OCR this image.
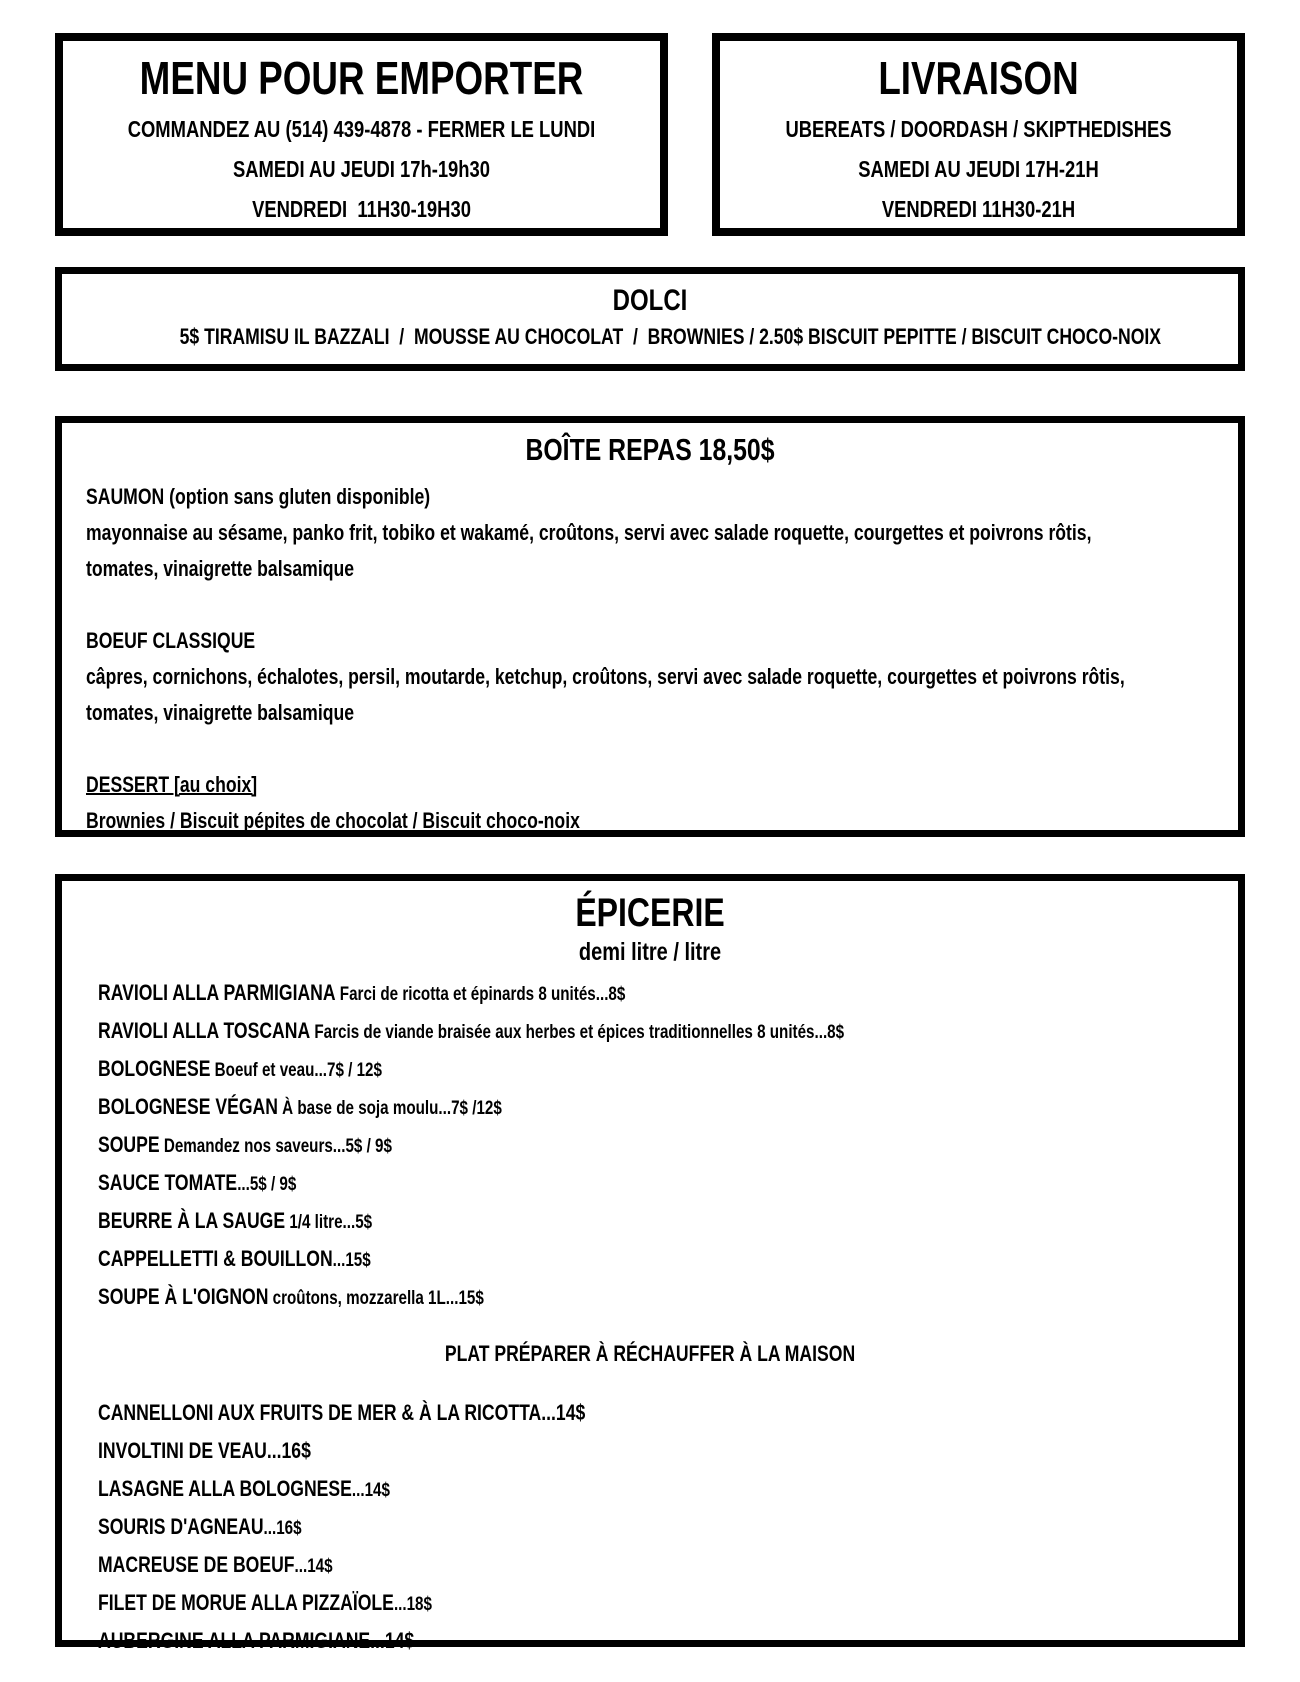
MENU POUR EMPORTER

COMMANDEZ AU (514) 439-4878 - FERMER LE LUNDI

SAMEDI AU JEUDI 17h-19h30

VENDREDI  11H30-19H30

LIVRAISON

UBEREATS / DOORDASH / SKIPTHEDISHES

SAMEDI AU JEUDI 17H-21H

VENDREDI 11H30-21H

DOLCI

5$ TIRAMISU IL BAZZALI  /  MOUSSE AU CHOCOLAT  /  BROWNIES / 2.50$ BISCUIT PEPITTE / BISCUIT CHOCO-NOIX

BOÎTE REPAS 18,50$

SAUMON (option sans gluten disponible)

mayonnaise au sésame, panko frit, tobiko et wakamé, croûtons, servi avec salade roquette, courgettes et poivrons rôtis,

tomates, vinaigrette balsamique

BOEUF CLASSIQUE

câpres, cornichons, échalotes, persil, moutarde, ketchup, croûtons, servi avec salade roquette, courgettes et poivrons rôtis,

tomates, vinaigrette balsamique

DESSERT [au choix]

Brownies / Biscuit pépites de chocolat / Biscuit choco-noix

ÉPICERIE

demi litre / litre

RAVIOLI ALLA PARMIGIANA Farci de ricotta et épinards 8 unités...8$

RAVIOLI ALLA TOSCANA Farcis de viande braisée aux herbes et épices traditionnelles 8 unités...8$

BOLOGNESE Boeuf et veau...7$ / 12$

BOLOGNESE VÉGAN À base de soja moulu...7$ /12$

SOUPE Demandez nos saveurs...5$ / 9$

SAUCE TOMATE...5$ / 9$

BEURRE À LA SAUGE 1/4 litre...5$

CAPPELLETTI & BOUILLON...15$

SOUPE À L'OIGNON croûtons, mozzarella 1L...15$

PLAT PRÉPARER À RÉCHAUFFER À LA MAISON

CANNELLONI AUX FRUITS DE MER & À LA RICOTTA...14$

INVOLTINI DE VEAU...16$

LASAGNE ALLA BOLOGNESE...14$

SOURIS D'AGNEAU...16$

MACREUSE DE BOEUF...14$

FILET DE MORUE ALLA PIZZAÏOLE...18$

AUBERGINE ALLA PARMIGIANE...14$
